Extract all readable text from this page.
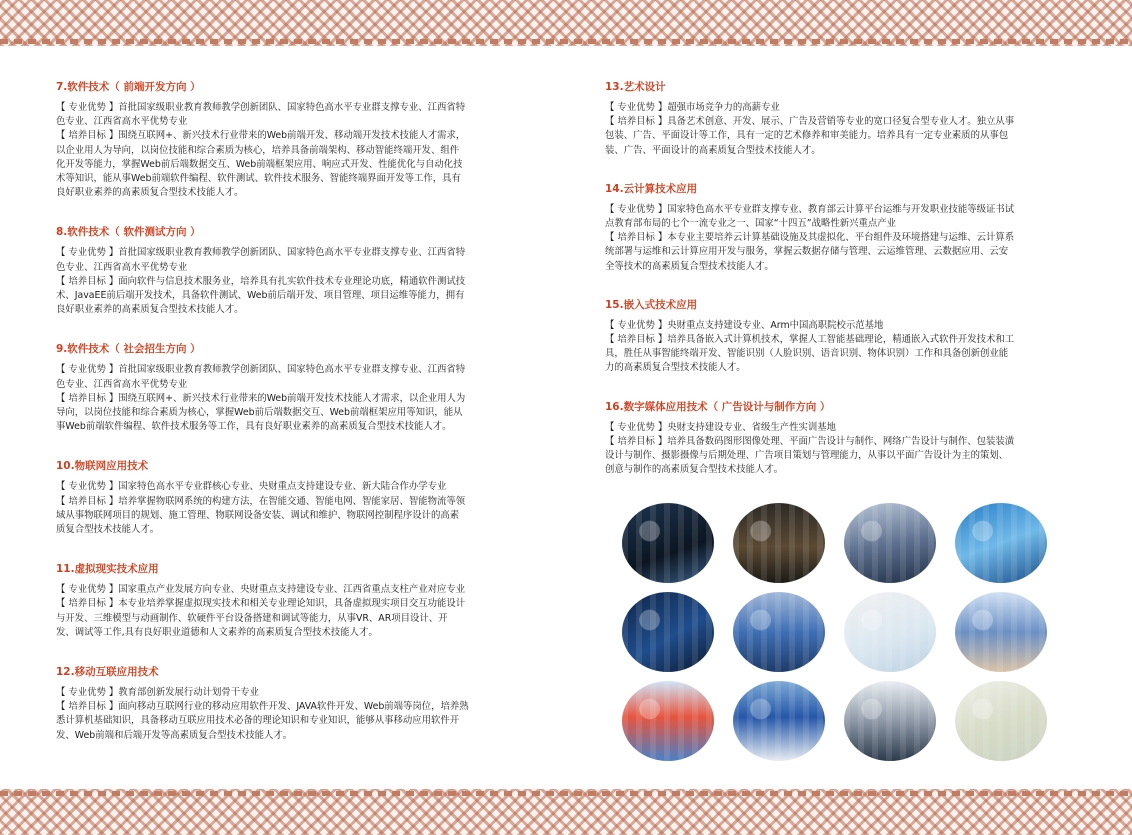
7.软件技术（ 前端开发方向 ）

【 专业优势 】首批国家级职业教育教师教学创新团队、国家特色高水平专业群支撑专业、江西省特

色专业、江西省高水平优势专业

【 培养目标 】围绕互联网+、新兴技术行业带来的Web前端开发、移动端开发技术技能人才需求，

以企业用人为导向，以岗位技能和综合素质为核心，培养具备前端架构、移动智能终端开发、组件

化开发等能力，掌握Web前后端数据交互、Web前端框架应用、响应式开发、性能优化与自动化技

术等知识，能从事Web前端软件编程、软件测试、软件技术服务、智能终端界面开发等工作，具有

良好职业素养的高素质复合型技术技能人才。

8.软件技术（ 软件测试方向 ）

【 专业优势 】首批国家级职业教育教师教学创新团队、国家特色高水平专业群支撑专业、江西省特

色专业、江西省高水平优势专业

【 培养目标 】面向软件与信息技术服务业，培养具有扎实软件技术专业理论功底，精通软件测试技

术、JavaEE前后端开发技术，具备软件测试、Web前后端开发、项目管理、项目运维等能力，拥有

良好职业素养的高素质复合型技术技能人才。

9.软件技术（ 社会招生方向 ）

【 专业优势 】首批国家级职业教育教师教学创新团队、国家特色高水平专业群支撑专业、江西省特

色专业、江西省高水平优势专业

【 培养目标 】围绕互联网+、新兴技术行业带来的Web前端开发技术技能人才需求，以企业用人为

导向，以岗位技能和综合素质为核心，掌握Web前后端数据交互、Web前端框架应用等知识，能从

事Web前端软件编程、软件技术服务等工作，具有良好职业素养的高素质复合型技术技能人才。

10.物联网应用技术

【 专业优势 】国家特色高水平专业群核心专业、央财重点支持建设专业、新大陆合作办学专业

【 培养目标 】培养掌握物联网系统的构建方法，在智能交通、智能电网、智能家居、智能物流等领

域从事物联网项目的规划、施工管理、物联网设备安装、调试和维护、物联网控制程序设计的高素

质复合型技术技能人才。

11.虚拟现实技术应用

【 专业优势 】国家重点产业发展方向专业、央财重点支持建设专业、江西省重点支柱产业对应专业

【 培养目标 】本专业培养掌握虚拟现实技术和相关专业理论知识，具备虚拟现实项目交互功能设计

与开发、三维模型与动画制作、软硬件平台设备搭建和调试等能力，从事VR、AR项目设计、开

发、调试等工作,具有良好职业道德和人文素养的高素质复合型技术技能人才。

12.移动互联应用技术

【 专业优势 】教育部创新发展行动计划骨干专业

【 培养目标 】面向移动互联网行业的移动应用软件开发、JAVA软件开发、Web前端等岗位，培养熟

悉计算机基础知识，具备移动互联应用技术必备的理论知识和专业知识，能够从事移动应用软件开

发、Web前端和后端开发等高素质复合型技术技能人才。

13.艺术设计

【 专业优势 】超强市场竞争力的高薪专业

【 培养目标 】具备艺术创意、开发、展示、广告及营销等专业的宽口径复合型专业人才。独立从事

包装、广告、平面设计等工作，具有一定的艺术修养和审美能力。培养具有一定专业素质的从事包

装、广告、平面设计的高素质复合型技术技能人才。

14.云计算技术应用

【 专业优势 】国家特色高水平专业群支撑专业、教育部云计算平台运维与开发职业技能等级证书试

点教育部布局的七个一流专业之一、国家“十四五”战略性新兴重点产业

【 培养目标 】本专业主要培养云计算基础设施及其虚拟化、平台组件及环境搭建与运维、云计算系

统部署与运维和云计算应用开发与服务，掌握云数据存储与管理、云运维管理、云数据应用、云安

全等技术的高素质复合型技术技能人才。

15.嵌入式技术应用

【 专业优势 】央财重点支持建设专业、Arm中国高职院校示范基地

【 培养目标 】培养具备嵌入式计算机技术，掌握人工智能基础理论，精通嵌入式软件开发技术和工

具，胜任从事智能终端开发、智能识别（人脸识别、语音识别、物体识别）工作和具备创新创业能

力的高素质复合型技术技能人才。

16.数字媒体应用技术（ 广告设计与制作方向 ）

【 专业优势 】央财支持建设专业、省级生产性实训基地

【 培养目标 】培养具备数码图形图像处理、平面广告设计与制作、网络广告设计与制作、包装装潢

设计与制作、摄影摄像与后期处理、广告项目策划与管理能力，从事以平面广告设计为主的策划、

创意与制作的高素质复合型技术技能人才。
